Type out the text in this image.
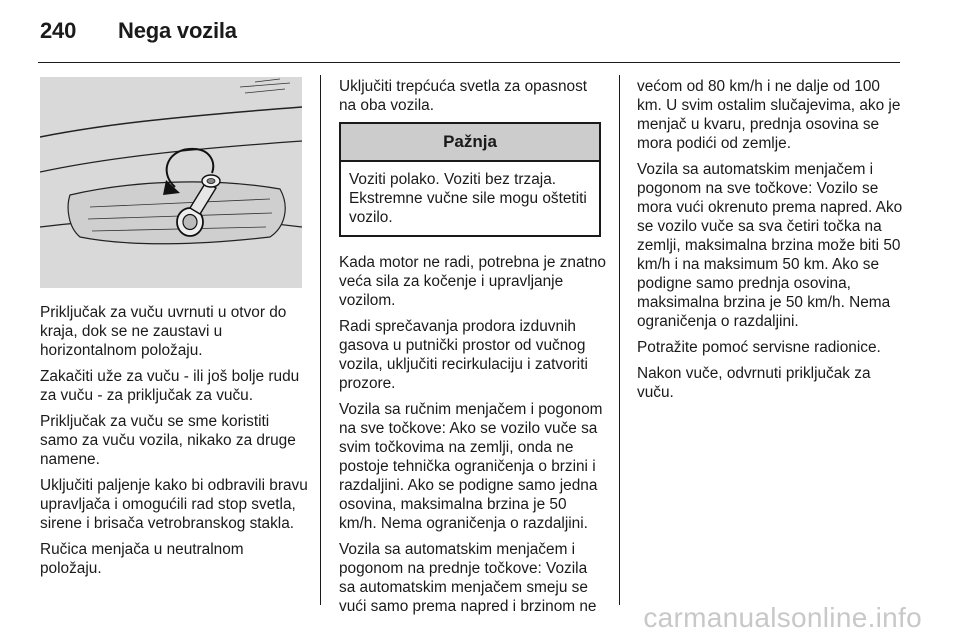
240 Nega vozila

Priključak za vuču uvrnuti u otvor do kraja, dok se ne zaustavi u horizontalnom položaju.

Zakačiti uže za vuču - ili još bolje rudu za vuču - za priključak za vuču.

Priključak za vuču se sme koristiti samo za vuču vozila, nikako za druge namene.

Uključiti paljenje kako bi odbravili bravu upravljača i omogućili rad stop svetla, sirene i brisača vetrobranskog stakla.

Ručica menjača u neutralnom položaju.

Uključiti trepćuća svetla za opasnost na oba vozila.

Pažnja
Voziti polako. Voziti bez trzaja. Ekstremne vučne sile mogu oštetiti vozilo.

Kada motor ne radi, potrebna je znatno veća sila za kočenje i upravljanje vozilom.

Radi sprečavanja prodora izduvnih gasova u putnički prostor od vučnog vozila, uključiti recirkulaciju i zatvoriti prozore.

Vozila sa ručnim menjačem i pogonom na sve točkove: Ako se vozilo vuče sa svim točkovima na zemlji, onda ne postoje tehnička ograničenja o brzini i razdaljini. Ako se podigne samo jedna osovina, maksimalna brzina je 50 km/h. Nema ograničenja o razdaljini.

Vozila sa automatskim menjačem i pogonom na prednje točkove: Vozila sa automatskim menjačem smeju se vući samo prema napred i brzinom ne

većom od 80 km/h i ne dalje od 100 km. U svim ostalim slučajevima, ako je menjač u kvaru, prednja osovina se mora podići od zemlje.

Vozila sa automatskim menjačem i pogonom na sve točkove: Vozilo se mora vući okrenuto prema napred. Ako se vozilo vuče sa sva četiri točka na zemlji, maksimalna brzina može biti 50 km/h i na maksimum 50 km. Ako se podigne samo prednja osovina, maksimalna brzina je 50 km/h. Nema ograničenja o razdaljini.

Potražite pomoć servisne radionice.

Nakon vuče, odvrnuti priključak za vuču.

carmanualsonline.info
